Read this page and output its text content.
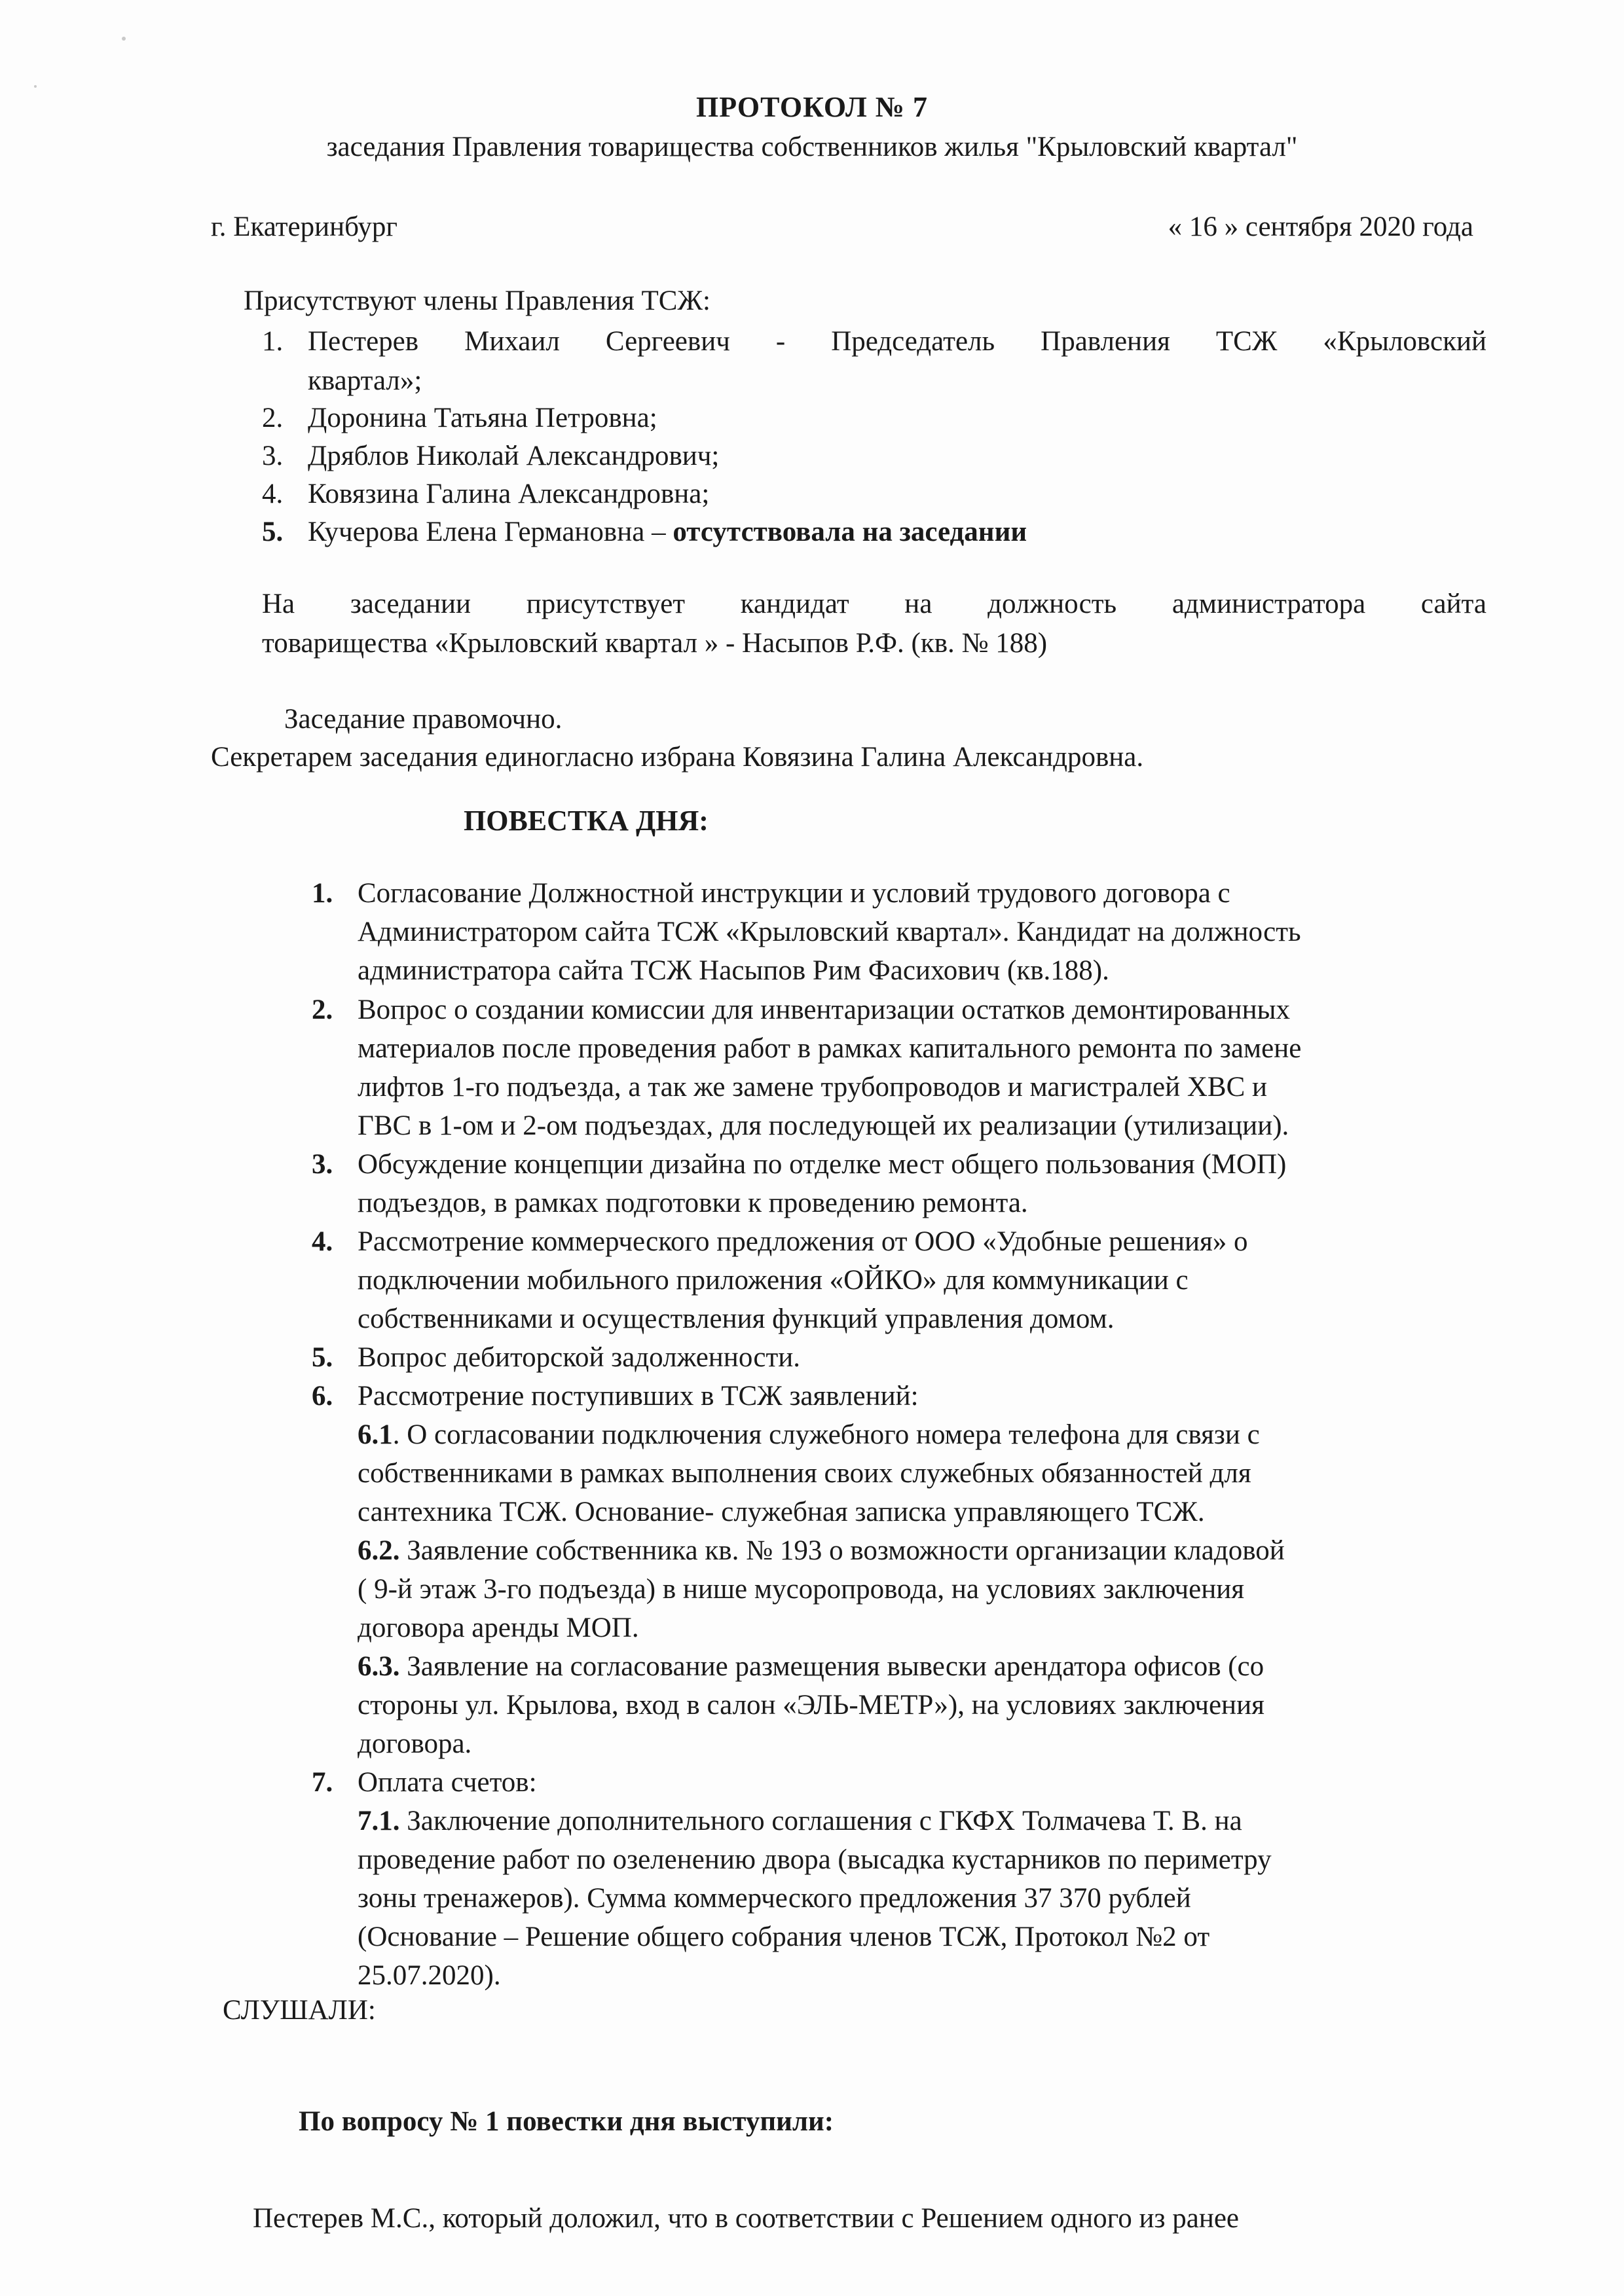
ПРОТОКОЛ № 7
заседания Правления товарищества собственников жилья "Крыловский квартал"
г. Екатеринбург	« 16 » сентября 2020 года
Присутствуют члены Правления ТСЖ:
1. Пестерев Михаил Сергеевич - Председатель Правления ТСЖ «Крыловский
квартал»;
2. Доронина Татьяна Петровна;
3. Дряблов Николай Александрович;
4. Ковязина Галина Александровна;
5. Кучерова Елена Германовна – отсутствовала на заседании
На заседании присутствует кандидат на должность администратора сайта
товарищества «Крыловский квартал » - Насыпов Р.Ф. (кв. № 188)
Заседание правомочно.
Секретарем заседания единогласно избрана Ковязина Галина Александровна.
ПОВЕСТКА ДНЯ:
1. Согласование Должностной инструкции и условий трудового договора с
Администратором сайта ТСЖ «Крыловский квартал». Кандидат на должность
администратора сайта ТСЖ Насыпов Рим Фасихович (кв.188).
2. Вопрос о создании комиссии для инвентаризации остатков демонтированных
материалов после проведения работ в рамках капитального ремонта по замене
лифтов 1-го подъезда, а так же замене трубопроводов и магистралей ХВС и
ГВС в 1-ом и 2-ом подъездах, для последующей их реализации (утилизации).
3. Обсуждение концепции дизайна по отделке мест общего пользования (МОП)
подъездов, в рамках подготовки к проведению ремонта.
4. Рассмотрение коммерческого предложения от ООО «Удобные решения» о
подключении мобильного приложения «ОЙКО» для коммуникации с
собственниками и осуществления функций управления домом.
5. Вопрос дебиторской задолженности.
6. Рассмотрение поступивших в ТСЖ заявлений:
6.1. О согласовании подключения служебного номера телефона для связи с
собственниками в рамках выполнения своих служебных обязанностей для
сантехника ТСЖ. Основание- служебная записка управляющего ТСЖ.
6.2. Заявление собственника кв. № 193 о возможности организации кладовой
( 9-й этаж 3-го подъезда) в нише мусоропровода, на условиях заключения
договора аренды МОП.
6.3. Заявление на согласование размещения вывески арендатора офисов (со
стороны ул. Крылова, вход в салон «ЭЛЬ-МЕТР»), на условиях заключения
договора.
7. Оплата счетов:
7.1. Заключение дополнительного соглашения с ГКФХ Толмачева Т. В. на
проведение работ по озеленению двора (высадка кустарников по периметру
зоны тренажеров). Сумма коммерческого предложения 37 370 рублей
(Основание – Решение общего собрания членов ТСЖ, Протокол №2 от
25.07.2020).
СЛУШАЛИ:
По вопросу № 1 повестки дня выступили:
Пестерев М.С., который доложил, что в соответствии с Решением одного из ранее
